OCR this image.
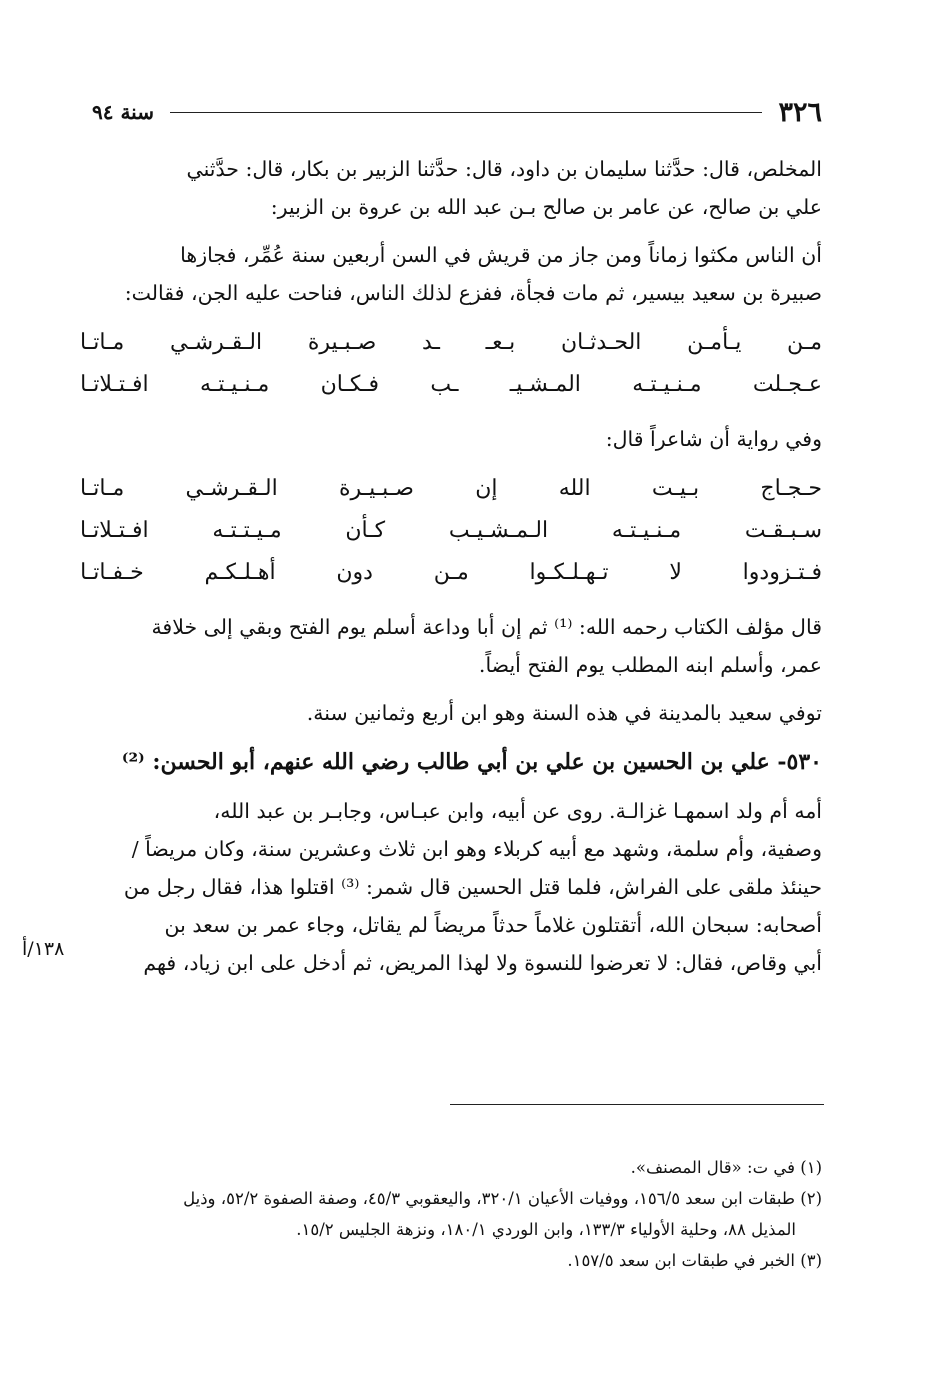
٣٢٦
سنة ٩٤

المخلص، قال: حدَّثنا سليمان بن داود، قال: حدَّثنا الزبير بن بكار، قال: حدَّثني

علي بن صالح، عن عامر بن صالح بـن عبد الله بن عروة بن الزبير:

أن الناس مكثوا زماناً ومن جاز من قريش في السن أربعين سنة عُمِّر، فجازها

صبيرة بن سعيد بيسير، ثم مات فجأة، ففزع لذلك الناس، فناحت عليه الجن، فقالت:

مـن
يـأمـن
الحـدثـان
بـعـ
ـد
صـبـيرة
الـقـرشـي
مـاتـا
عـجـلت
مـنـيـتـه
المـشـيـ
ـب
فـكـان
مـنـيـتـه
افـتـلاتـا

وفي رواية أن شاعراً قال:

حـجـاج
بـيـت
الله
إن
صـبـيـرة
الـقـرشـي
مـاتـا
سـبـقـت
مـنـيـتـه
الـمـشـيـب
كـأن
مـيـتـتـه
افـتـلاتـا
فـتـزودوا
لا
تـهـلـكـوا
مـن
دون
أهـلـكـم
خـفـاتـا

قال مؤلف الكتاب رحمه الله: ⁽¹⁾ ثم إن أبا وداعة أسلم يوم الفتح وبقي إلى خلافة

عمر، وأسلم ابنه المطلب يوم الفتح أيضاً.

توفي سعيد بالمدينة في هذه السنة وهو ابن أربع وثمانين سنة.

٥٣٠- علي بن الحسين بن علي بن أبي طالب رضي الله عنهم، أبو الحسن: ⁽²⁾

أمه أم ولد اسمهـا غزالـة. روى عن أبيه، وابن عبـاس، وجابـر بن عبد الله،

وصفية، وأم سلمة، وشهد مع أبيه كربلاء وهو ابن ثلاث وعشرين سنة، وكان مريضاً /

حينئذ ملقى على الفراش، فلما قتل الحسين قال شمر: ⁽³⁾ اقتلوا هذا، فقال رجل من

أصحابه: سبحان الله، أتقتلون غلاماً حدثاً مريضاً لم يقاتل، وجاء عمر بن سعد بن

أبي وقاص، فقال: لا تعرضوا للنسوة ولا لهذا المريض، ثم أدخل على ابن زياد، فهم

١٣٨/أ

(١) في ت: «قال المصنف».

(٢) طبقات ابن سعد ١٥٦/٥، ووفيات الأعيان ٣٢٠/١، واليعقوبي ٤٥/٣، وصفة الصفوة ٥٢/٢، وذيل

المذيل ٨٨، وحلية الأولياء ١٣٣/٣، وابن الوردي ١٨٠/١، ونزهة الجليس ١٥/٢.

(٣) الخبر في طبقات ابن سعد ١٥٧/٥.
